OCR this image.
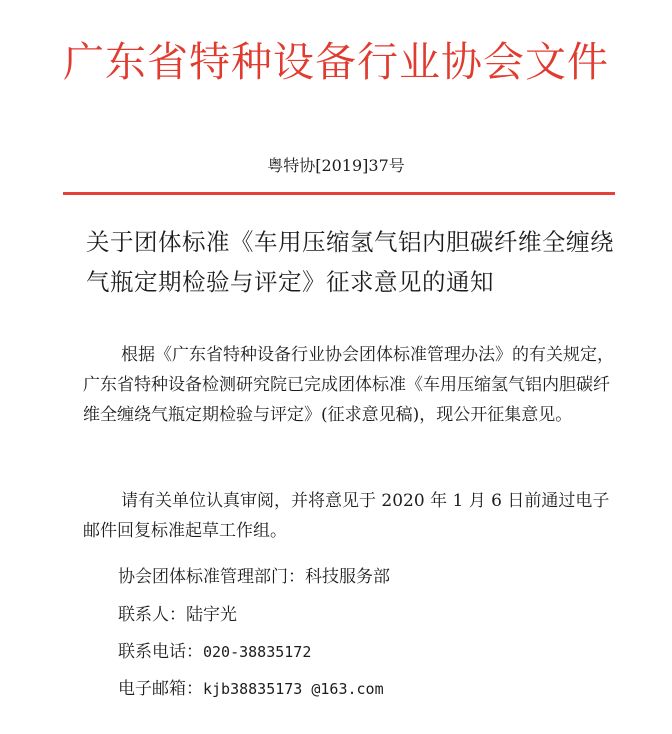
广东省特种设备行业协会文件
粤特协[2019]37号
关于团体标准《车用压缩氢气铝内胆碳纤维全缠绕气瓶定期检验与评定》征求意见的通知
根据《广东省特种设备行业协会团体标准管理办法》的有关规定， 广东省特种设备检测研究院已完成团体标准《车用压缩氢气铝内胆碳纤维全缠绕气瓶定期检验与评定》(征求意见稿)，现公开征集意见。
请有关单位认真审阅，并将意见于 2020 年 1 月 6 日前通过电子邮件回复标准起草工作组。
协会团体标准管理部门：科技服务部
联系人：陆宇光
联系电话：020-38835172
电子邮箱：kjb38835173 @163.com
